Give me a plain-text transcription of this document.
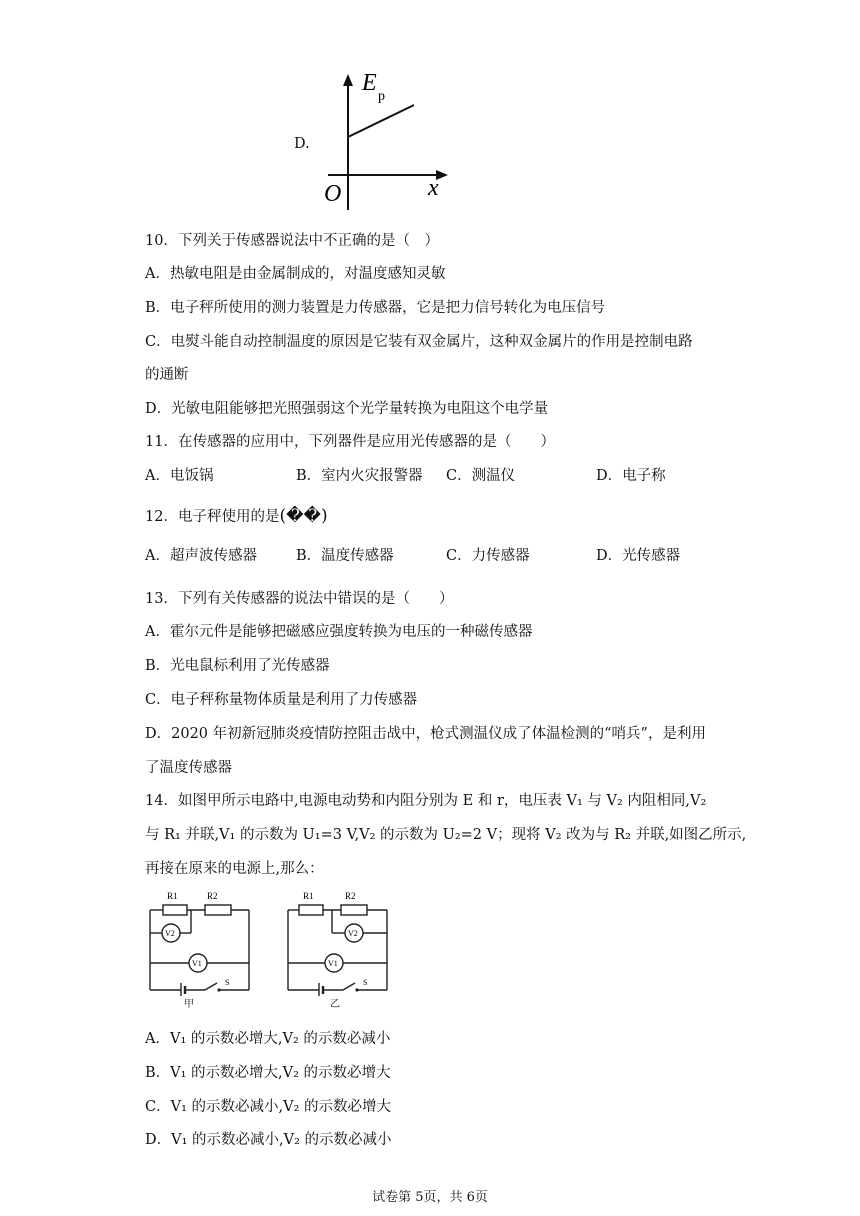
D.
E
p
O	x
10．下列关于传感器说法中不正确的是（　）
A．热敏电阻是由金属制成的，对温度感知灵敏
B．电子秤所使用的测力装置是力传感器，它是把力信号转化为电压信号
C．电熨斗能自动控制温度的原因是它装有双金属片，这种双金属片的作用是控制电路
的通断
D．光敏电阻能够把光照强弱这个光学量转换为电阻这个电学量
11．在传感器的应用中，下列器件是应用光传感器的是（　　）
A．电饭锅	B．室内火灾报警器 C．测温仪	D．电子称
12．电子秤使用的是(��)
A．超声波传感器	B．温度传感器	C．力传感器	D．光传感器
13．下列有关传感器的说法中错误的是（　　）
A．霍尔元件是能够把磁感应强度转换为电压的一种磁传感器
B．光电鼠标利用了光传感器
C．电子秤称量物体质量是利用了力传感器
D．2020 年初新冠肺炎疫情防控阻击战中，枪式测温仪成了体温检测的“哨兵”，是利用
了温度传感器
14．如图甲所示电路中,电源电动势和内阻分别为 E 和 r，电压表 V₁ 与 V₂ 内阻相同,V₂
与 R₁ 并联,V₁ 的示数为 U₁=3 V,V₂ 的示数为 U₂=2 V；现将 V₂ 改为与 R₂ 并联,如图乙所示,
再接在原来的电源上,那么：
R1	R2
V2
V1
S
甲
R1	R2
V2
V1
S
乙
A．V₁ 的示数必增大,V₂ 的示数必减小
B．V₁ 的示数必增大,V₂ 的示数必增大
C．V₁ 的示数必减小,V₂ 的示数必增大
D．V₁ 的示数必减小,V₂ 的示数必减小
试卷第 5页，共 6页
